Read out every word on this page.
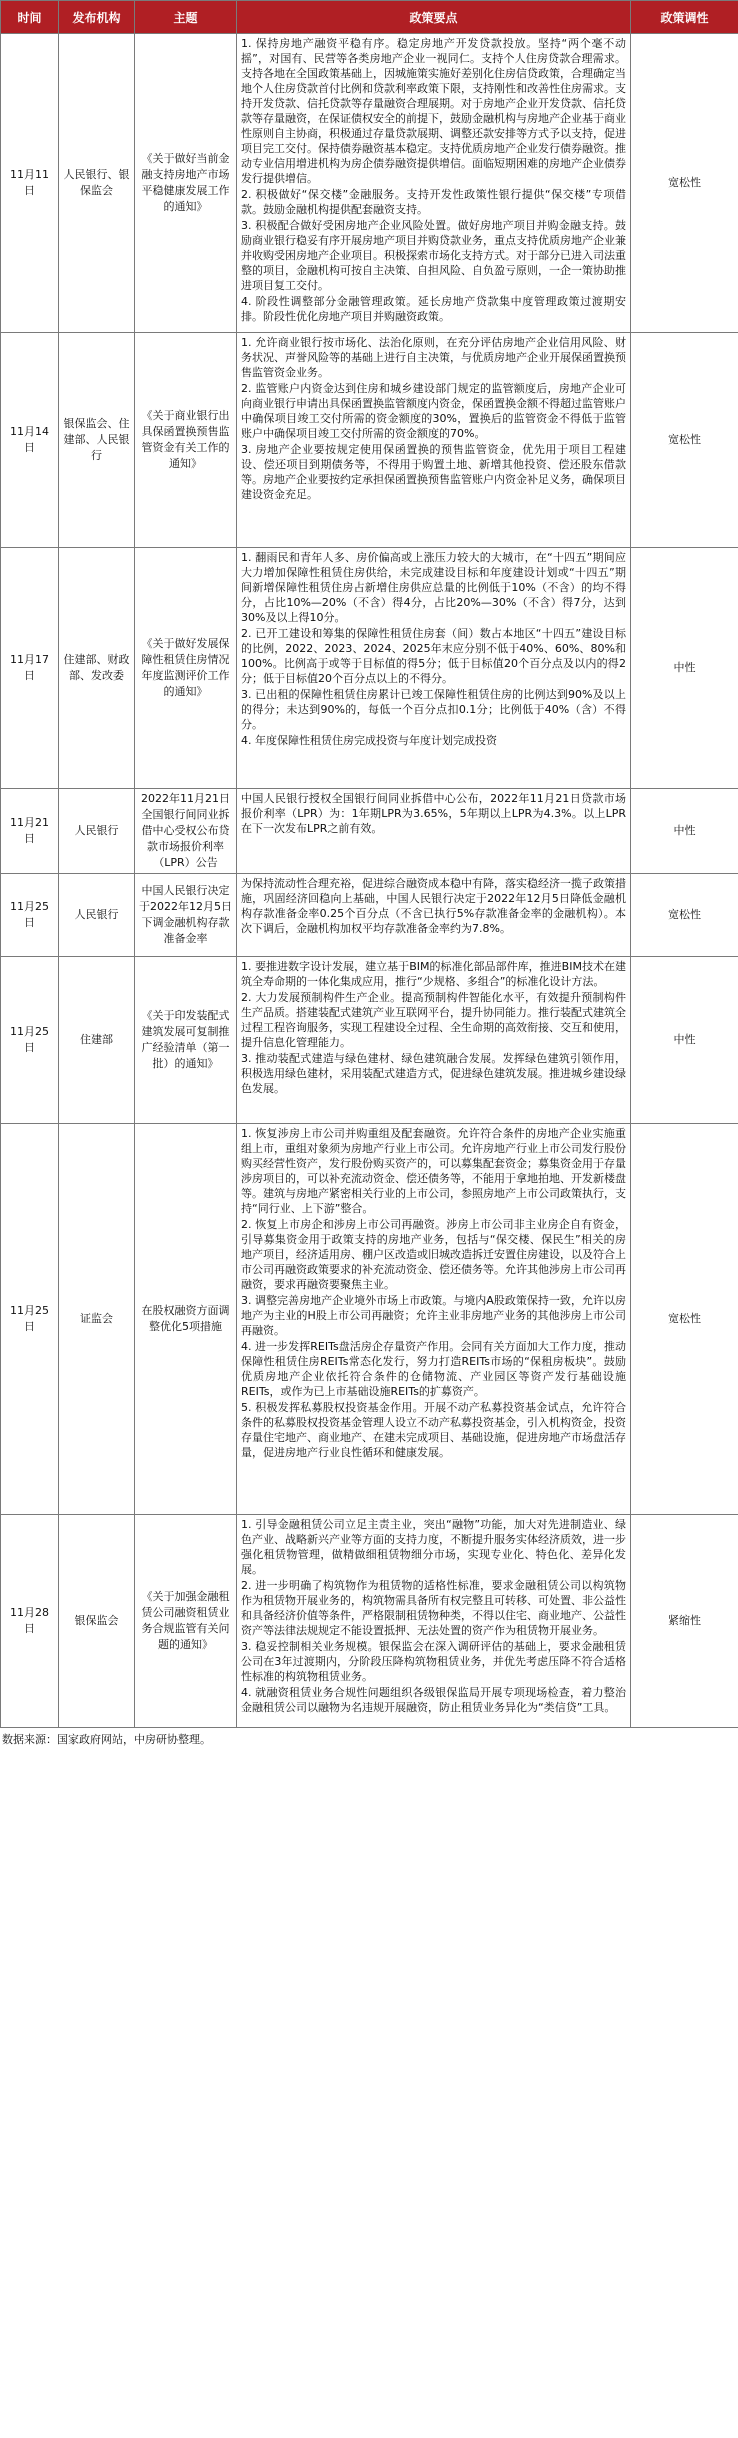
时间	发布机构	主题	政策要点	政策调性
11月11日	人民银行、银保监会	《关于做好当前金融支持房地产市场平稳健康发展工作的通知》	1. 保持房地产融资平稳有序。稳定房地产开发贷款投放。坚持“两个毫不动摇”，对国有、民营等各类房地产企业一视同仁。支持个人住房贷款合理需求。支持各地在全国政策基础上，因城施策实施好差别化住房信贷政策，合理确定当地个人住房贷款首付比例和贷款利率政策下限，支持刚性和改善性住房需求。支持开发贷款、信托贷款等存量融资合理展期。对于房地产企业开发贷款、信托贷款等存量融资，在保证债权安全的前提下，鼓励金融机构与房地产企业基于商业性原则自主协商，积极通过存量贷款展期、调整还款安排等方式予以支持，促进项目完工交付。保持债券融资基本稳定。支持优质房地产企业发行债券融资。推动专业信用增进机构为房企债券融资提供增信。面临短期困难的房地产企业债券发行提供增信。

2. 积极做好“保交楼”金融服务。支持开发性政策性银行提供“保交楼”专项借款。鼓励金融机构提供配套融资支持。

3. 积极配合做好受困房地产企业风险处置。做好房地产项目并购金融支持。鼓励商业银行稳妥有序开展房地产项目并购贷款业务，重点支持优质房地产企业兼并收购受困房地产企业项目。积极探索市场化支持方式。对于部分已进入司法重整的项目，金融机构可按自主决策、自担风险、自负盈亏原则，一企一策协助推进项目复工交付。

4. 阶段性调整部分金融管理政策。延长房地产贷款集中度管理政策过渡期安排。阶段性优化房地产项目并购融资政策。	宽松性
11月14日	银保监会、住建部、人民银行	《关于商业银行出具保函置换预售监管资金有关工作的通知》	1. 允许商业银行按市场化、法治化原则，在充分评估房地产企业信用风险、财务状况、声誉风险等的基础上进行自主决策，与优质房地产企业开展保函置换预售监管资金业务。

2. 监管账户内资金达到住房和城乡建设部门规定的监管额度后，房地产企业可向商业银行申请出具保函置换监管额度内资金，保函置换金额不得超过监管账户中确保项目竣工交付所需的资金额度的30%，置换后的监管资金不得低于监管账户中确保项目竣工交付所需的资金额度的70%。

3. 房地产企业要按规定使用保函置换的预售监管资金，优先用于项目工程建设、偿还项目到期债务等，不得用于购置土地、新增其他投资、偿还股东借款等。房地产企业要按约定承担保函置换预售监管账户内资金补足义务，确保项目建设资金充足。	宽松性
11月17日	住建部、财政部、发改委	《关于做好发展保障性租赁住房情况年度监测评价工作的通知》	1. 翻雨民和青年人多、房价偏高或上涨压力较大的大城市，在“十四五”期间应大力增加保障性租赁住房供给，未完成建设目标和年度建设计划或“十四五”期间新增保障性租赁住房占新增住房供应总量的比例低于10%（不含）的均不得分，占比10%—20%（不含）得4分，占比20%—30%（不含）得7分，达到30%及以上得10分。

2. 已开工建设和筹集的保障性租赁住房套（间）数占本地区“十四五”建设目标的比例，2022、2023、2024、2025年末应分别不低于40%、60%、80%和100%。比例高于或等于目标值的得5分；低于目标值20个百分点及以内的得2分；低于目标值20个百分点以上的不得分。

3. 已出租的保障性租赁住房累计已竣工保障性租赁住房的比例达到90%及以上的得分；未达到90%的，每低一个百分点扣0.1分；比例低于40%（含）不得分。

4. 年度保障性租赁住房完成投资与年度计划完成投资	中性
11月21日	人民银行	2022年11月21日全国银行间同业拆借中心受权公布贷款市场报价利率（LPR）公告	中国人民银行授权全国银行间同业拆借中心公布，2022年11月21日贷款市场报价利率（LPR）为：1年期LPR为3.65%，5年期以上LPR为4.3%。以上LPR在下一次发布LPR之前有效。	中性
11月25日	人民银行	中国人民银行决定于2022年12月5日下调金融机构存款准备金率	为保持流动性合理充裕，促进综合融资成本稳中有降，落实稳经济一揽子政策措施，巩固经济回稳向上基础，中国人民银行决定于2022年12月5日降低金融机构存款准备金率0.25个百分点（不含已执行5%存款准备金率的金融机构）。本次下调后，金融机构加权平均存款准备金率约为7.8%。	宽松性
11月25日	住建部	《关于印发装配式建筑发展可复制推广经验清单（第一批）的通知》	1. 要推进数字设计发展，建立基于BIM的标准化部品部件库，推进BIM技术在建筑全寿命期的一体化集成应用，推行“少规格、多组合”的标准化设计方法。

2. 大力发展预制构件生产企业。提高预制构件智能化水平，有效提升预制构件生产品质。搭建装配式建筑产业互联网平台，提升协同能力。推行装配式建筑全过程工程咨询服务，实现工程建设全过程、全生命期的高效衔接、交互和使用，提升信息化管理能力。

3. 推动装配式建造与绿色建材、绿色建筑融合发展。发挥绿色建筑引领作用，积极选用绿色建材，采用装配式建造方式，促进绿色建筑发展。推进城乡建设绿色发展。	中性
11月25日	证监会	在股权融资方面调整优化5项措施	1. 恢复涉房上市公司并购重组及配套融资。允许符合条件的房地产企业实施重组上市，重组对象须为房地产行业上市公司。允许房地产行业上市公司发行股份购买经营性资产，发行股份购买资产的，可以募集配套资金；募集资金用于存量涉房项目的，可以补充流动资金、偿还债务等，不能用于拿地拍地、开发新楼盘等。建筑与房地产紧密相关行业的上市公司，参照房地产上市公司政策执行，支持“同行业、上下游”整合。

2. 恢复上市房企和涉房上市公司再融资。涉房上市公司非主业房企自有资金，引导募集资金用于政策支持的房地产业务，包括与“保交楼、保民生”相关的房地产项目，经济适用房、棚户区改造或旧城改造拆迁安置住房建设，以及符合上市公司再融资政策要求的补充流动资金、偿还债务等。允许其他涉房上市公司再融资，要求再融资要聚焦主业。

3. 调整完善房地产企业境外市场上市政策。与境内A股政策保持一致，允许以房地产为主业的H股上市公司再融资；允许主业非房地产业务的其他涉房上市公司再融资。

4. 进一步发挥REITs盘活房企存量资产作用。会同有关方面加大工作力度，推动保障性租赁住房REITs常态化发行，努力打造REITs市场的“保租房板块”。鼓励优质房地产企业依托符合条件的仓储物流、产业园区等资产发行基础设施REITs，或作为已上市基础设施REITs的扩募资产。

5. 积极发挥私募股权投资基金作用。开展不动产私募投资基金试点，允许符合条件的私募股权投资基金管理人设立不动产私募投资基金，引入机构资金，投资存量住宅地产、商业地产、在建未完成项目、基础设施，促进房地产市场盘活存量，促进房地产行业良性循环和健康发展。	宽松性
11月28日	银保监会	《关于加强金融租赁公司融资租赁业务合规监管有关问题的通知》	1. 引导金融租赁公司立足主责主业，突出“融物”功能，加大对先进制造业、绿色产业、战略新兴产业等方面的支持力度，不断提升服务实体经济质效，进一步强化租赁物管理，做精做细租赁物细分市场，实现专业化、特色化、差异化发展。

2. 进一步明确了构筑物作为租赁物的适格性标准，要求金融租赁公司以构筑物作为租赁物开展业务的，构筑物需具备所有权完整且可转移、可处置、非公益性和具备经济价值等条件，严格限制租赁物种类，不得以住宅、商业地产、公益性资产等法律法规规定不能设置抵押、无法处置的资产作为租赁物开展业务。

3. 稳妥控制相关业务规模。银保监会在深入调研评估的基础上，要求金融租赁公司在3年过渡期内，分阶段压降构筑物租赁业务，并优先考虑压降不符合适格性标准的构筑物租赁业务。

4. 就融资租赁业务合规性问题组织各级银保监局开展专项现场检查，着力整治金融租赁公司以融物为名违规开展融资，防止租赁业务异化为“类信贷”工具。	紧缩性
数据来源：国家政府网站，中房研协整理。
